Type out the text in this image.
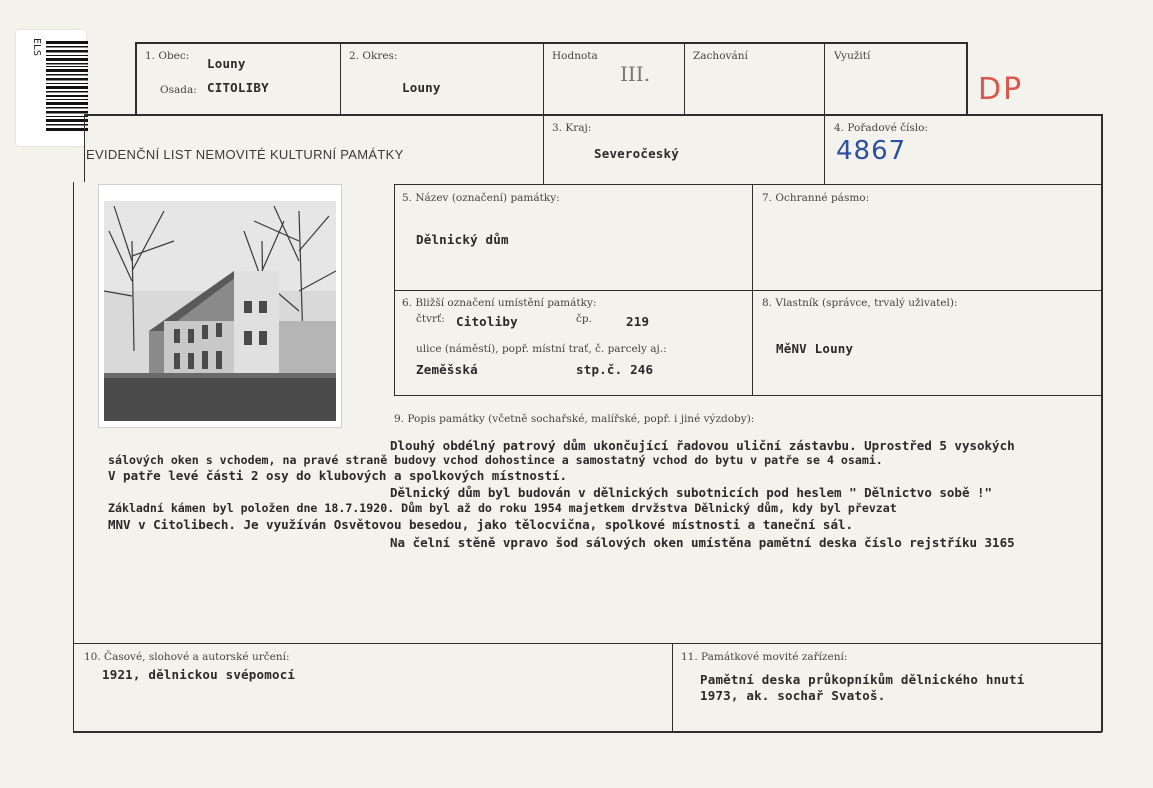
ELS	1. Obec: Louny
Osada: CITOLIBY
2. Okres:
Louny
Hodnota
III.
Zachování	Využití
DP
EVIDENČNÍ LIST NEMOVITÉ KULTURNÍ PAMÁTKY
3. Kraj:
Severočeský
4. Pořadové číslo:
4867
5. Název (označení) památky:
Dělnický dům
7. Ochranné pásmo:
6. Bližší označení umístění památky:
čtvrť: Citoliby	čp.	219
ulice (náměstí), popř. místní trať, č. parcely aj.:
Zeměšská	stp.č. 246
8. Vlastník (správce, trvalý uživatel):
MěNV Louny
9. Popis památky (včetně sochařské, malířské, popř. i jiné výzdoby):
Dlouhý obdélný patrový dům ukončující řadovou uliční zástavbu. Uprostřed 5 vysokých
sálových oken s vchodem, na pravé straně budovy vchod dohostince a samostatný vchod do bytu v patře se 4 osami.
V patře levé části 2 osy do klubových a spolkových místností.
Dělnický dům byl budován v dělnických subotnicích pod heslem " Dělnictvo sobě !"
Základní kámen byl položen dne 18.7.1920. Dům byl až do roku 1954 majetkem drvžstva Dělnický dům, kdy byl převzat
MNV v Citolibech. Je využíván Osvětovou besedou, jako tělocvična, spolkové místnosti a taneční sál.
Na čelní stěně vpravo šod sálových oken umístěna pamětní deska číslo rejstříku 3165
10. Časové, slohové a autorské určení:
1921, dělnickou svépomocí
11. Památkové movité zařízení:
Pamětní deska průkopníkům dělnického hnutí
1973, ak. sochař Svatoš.
